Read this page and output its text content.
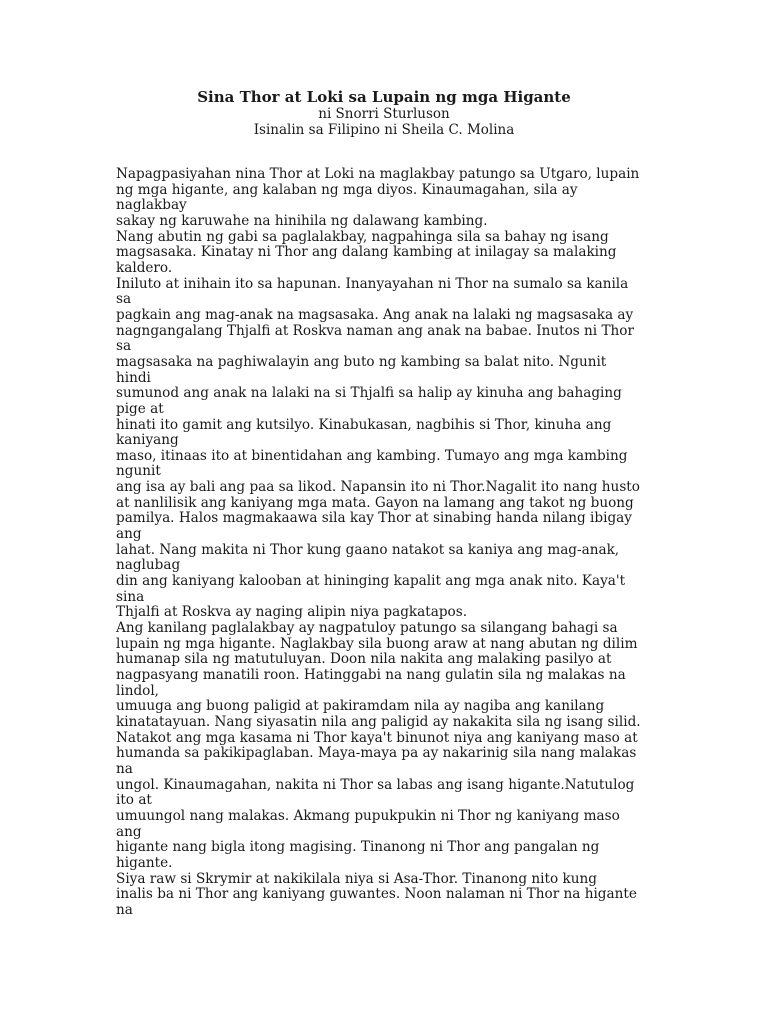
Sina Thor at Loki sa Lupain ng mga Higante

ni Snorri Sturluson

Isinalin sa Filipino ni Sheila C. Molina

Napagpasiyahan nina Thor at Loki na maglakbay patungo sa Utgaro, lupain

ng mga higante, ang kalaban ng mga diyos. Kinaumagahan, sila ay

naglakbay

sakay ng karuwahe na hinihila ng dalawang kambing.

Nang abutin ng gabi sa paglalakbay, nagpahinga sila sa bahay ng isang

magsasaka. Kinatay ni Thor ang dalang kambing at inilagay sa malaking

kaldero.

Iniluto at inihain ito sa hapunan. Inanyayahan ni Thor na sumalo sa kanila

sa

pagkain ang mag-anak na magsasaka. Ang anak na lalaki ng magsasaka ay

nagngangalang Thjalfi at Roskva naman ang anak na babae. Inutos ni Thor

sa

magsasaka na paghiwalayin ang buto ng kambing sa balat nito. Ngunit

hindi

sumunod ang anak na lalaki na si Thjalfi sa halip ay kinuha ang bahaging

pige at

hinati ito gamit ang kutsilyo. Kinabukasan, nagbihis si Thor, kinuha ang

kaniyang

maso, itinaas ito at binentidahan ang kambing. Tumayo ang mga kambing

ngunit

ang isa ay bali ang paa sa likod. Napansin ito ni Thor.Nagalit ito nang husto

at nanlilisik ang kaniyang mga mata. Gayon na lamang ang takot ng buong

pamilya. Halos magmakaawa sila kay Thor at sinabing handa nilang ibigay

ang

lahat. Nang makita ni Thor kung gaano natakot sa kaniya ang mag-anak,

naglubag

din ang kaniyang kalooban at hininging kapalit ang mga anak nito. Kaya't

sina

Thjalfi at Roskva ay naging alipin niya pagkatapos.

Ang kanilang paglalakbay ay nagpatuloy patungo sa silangang bahagi sa

lupain ng mga higante. Naglakbay sila buong araw at nang abutan ng dilim

humanap sila ng matutuluyan. Doon nila nakita ang malaking pasilyo at

nagpasyang manatili roon. Hatinggabi na nang gulatin sila ng malakas na

lindol,

umuuga ang buong paligid at pakiramdam nila ay nagiba ang kanilang

kinatatayuan. Nang siyasatin nila ang paligid ay nakakita sila ng isang silid.

Natakot ang mga kasama ni Thor kaya't binunot niya ang kaniyang maso at

humanda sa pakikipaglaban. Maya-maya pa ay nakarinig sila nang malakas

na

ungol. Kinaumagahan, nakita ni Thor sa labas ang isang higante.Natutulog

ito at

umuungol nang malakas. Akmang pupukpukin ni Thor ng kaniyang maso

ang

higante nang bigla itong magising. Tinanong ni Thor ang pangalan ng

higante.

Siya raw si Skrymir at nakikilala niya si Asa-Thor. Tinanong nito kung

inalis ba ni Thor ang kaniyang guwantes. Noon nalaman ni Thor na higante

na
